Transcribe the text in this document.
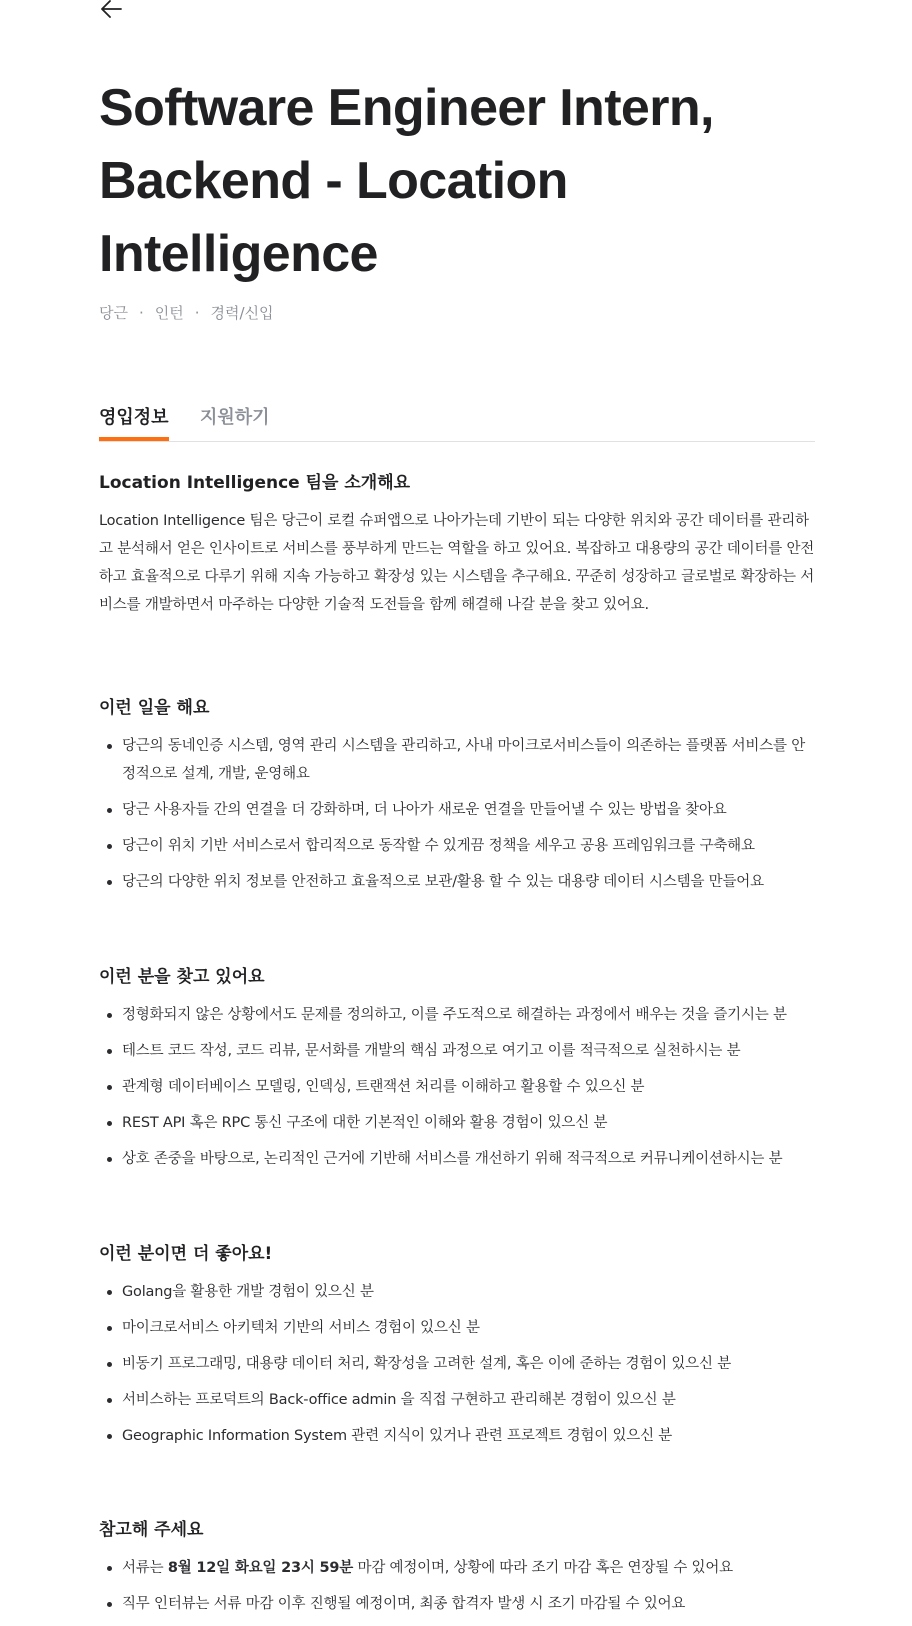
Software Engineer Intern, Backend - Location Intelligence
당근 · 인턴 · 경력/신입
영입정보 지원하기
Location Intelligence 팀을 소개해요

Location Intelligence 팀은 당근이 로컬 슈퍼앱으로 나아가는데 기반이 되는 다양한 위치와 공간 데이터를 관리하고 분석해서 얻은 인사이트로 서비스를 풍부하게 만드는 역할을 하고 있어요. 복잡하고 대용량의 공간 데이터를 안전하고 효율적으로 다루기 위해 지속 가능하고 확장성 있는 시스템을 추구해요. 꾸준히 성장하고 글로벌로 확장하는 서비스를 개발하면서 마주하는 다양한 기술적 도전들을 함께 해결해 나갈 분을 찾고 있어요.

이런 일을 해요
당근의 동네인증 시스템, 영역 관리 시스템을 관리하고, 사내 마이크로서비스들이 의존하는 플랫폼 서비스를 안정적으로 설계, 개발, 운영해요
당근 사용자들 간의 연결을 더 강화하며, 더 나아가 새로운 연결을 만들어낼 수 있는 방법을 찾아요
당근이 위치 기반 서비스로서 합리적으로 동작할 수 있게끔 정책을 세우고 공용 프레임워크를 구축해요
당근의 다양한 위치 정보를 안전하고 효율적으로 보관/활용 할 수 있는 대용량 데이터 시스템을 만들어요
이런 분을 찾고 있어요
정형화되지 않은 상황에서도 문제를 정의하고, 이를 주도적으로 해결하는 과정에서 배우는 것을 즐기시는 분
테스트 코드 작성, 코드 리뷰, 문서화를 개발의 핵심 과정으로 여기고 이를 적극적으로 실천하시는 분
관계형 데이터베이스 모델링, 인덱싱, 트랜잭션 처리를 이해하고 활용할 수 있으신 분
REST API 혹은 RPC 통신 구조에 대한 기본적인 이해와 활용 경험이 있으신 분
상호 존중을 바탕으로, 논리적인 근거에 기반해 서비스를 개선하기 위해 적극적으로 커뮤니케이션하시는 분
이런 분이면 더 좋아요!
Golang을 활용한 개발 경험이 있으신 분
마이크로서비스 아키텍처 기반의 서비스 경험이 있으신 분
비동기 프로그래밍, 대용량 데이터 처리, 확장성을 고려한 설계, 혹은 이에 준하는 경험이 있으신 분
서비스하는 프로덕트의 Back-office admin 을 직접 구현하고 관리해본 경험이 있으신 분
Geographic Information System 관련 지식이 있거나 관련 프로젝트 경험이 있으신 분
참고해 주세요
서류는 8월 12일 화요일 23시 59분 마감 예정이며, 상황에 따라 조기 마감 혹은 연장될 수 있어요
직무 인터뷰는 서류 마감 이후 진행될 예정이며, 최종 합격자 발생 시 조기 마감될 수 있어요
